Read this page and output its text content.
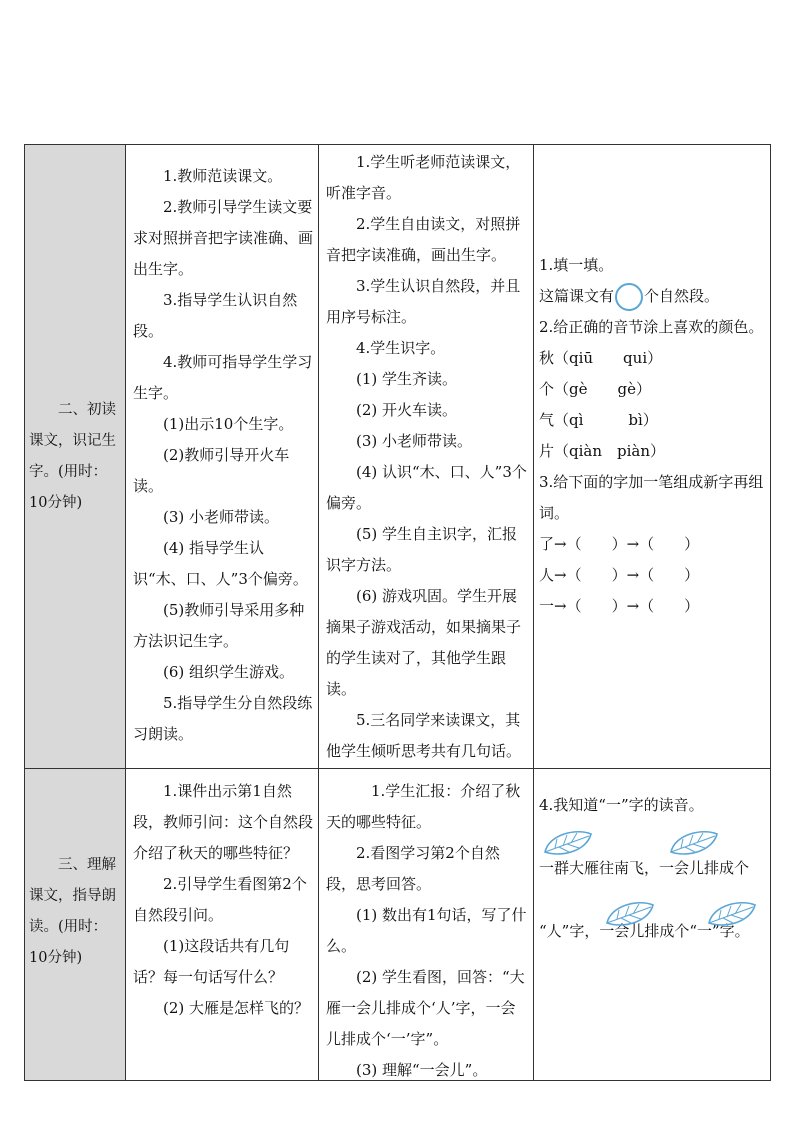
二、初读
课文，识记生
字。(用时：
10分钟)
1.教师范读课文。
2.教师引导学生读文要求对照拼音把字读准确、画出生字。
3.指导学生认识自然段。
4.教师可指导学生学习生字。
(1)出示10个生字。
(2)教师引导开火车读。
(3) 小老师带读。
(4) 指导学生认识“木、口、人”3个偏旁。
(5)教师引导采用多种方法识记生字。
(6) 组织学生游戏。
5.指导学生分自然段练习朗读。
1.学生听老师范读课文，听准字音。
2.学生自由读文，对照拼音把字读准确，画出生字。
3.学生认识自然段，并且用序号标注。
4.学生识字。
(1) 学生齐读。
(2) 开火车读。
(3) 小老师带读。
(4) 认识“木、口、人”3个偏旁。
(5) 学生自主识字，汇报识字方法。
(6) 游戏巩固。学生开展摘果子游戏活动，如果摘果子的学生读对了，其他学生跟读。
5.三名同学来读课文，其他学生倾听思考共有几句话。
1.填一填。
这篇课文有 个自然段。
2.给正确的音节涂上喜欢的颜色。
秋（qiū　　qui）
个（gè　　gè）
气（qì　　　bì）
片（qiàn　piàn）
3.给下面的字加一笔组成新字再组词。
了→（　　）→（　　）
人→（　　）→（　　）
一→（　　）→（　　）
三、理解
课文，指导朗
读。(用时：
10分钟)
1.课件出示第1自然段，教师引问：这个自然段介绍了秋天的哪些特征？
2.引导学生看图第2个自然段引问。
(1)这段话共有几句话？每一句话写什么？
(2) 大雁是怎样飞的？
1.学生汇报：介绍了秋天的哪些特征。
2.看图学习第2个自然段，思考回答。
(1) 数出有1句话，写了什么。
(2) 学生看图，回答：“大雁一会儿排成个‘人’字，一会儿排成个‘一’字”。
(3) 理解“一会儿”。
4.我知道“一”字的读音。
一群大雁往南飞，一会儿排成个
“人”字，一会儿排成个“一”字。
